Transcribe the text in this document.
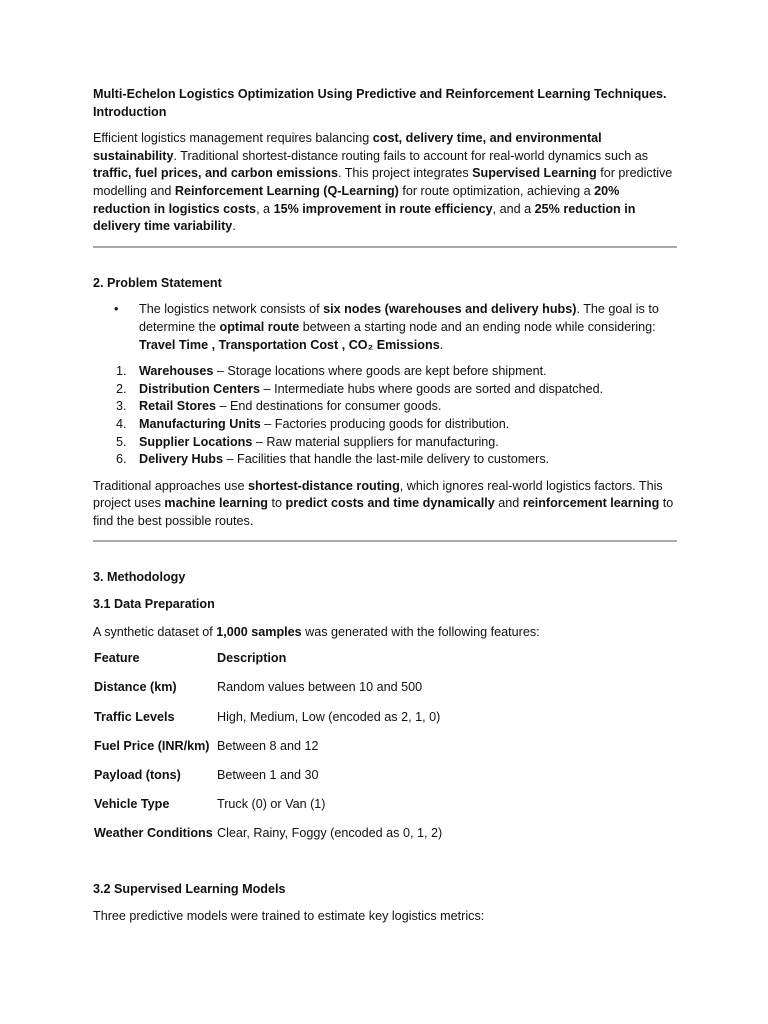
Multi-Echelon Logistics Optimization Using Predictive and Reinforcement Learning Techniques.

Introduction

Efficient logistics management requires balancing cost, delivery time, and environmental sustainability. Traditional shortest-distance routing fails to account for real-world dynamics such as traffic, fuel prices, and carbon emissions. This project integrates Supervised Learning for predictive modelling and Reinforcement Learning (Q-Learning) for route optimization, achieving a 20% reduction in logistics costs, a 15% improvement in route efficiency, and a 25% reduction in delivery time variability.

2. Problem Statement

• The logistics network consists of six nodes (warehouses and delivery hubs). The goal is to determine the optimal route between a starting node and an ending node while considering: Travel Time , Transportation Cost , CO₂ Emissions.
1. Warehouses – Storage locations where goods are kept before shipment.
2. Distribution Centers – Intermediate hubs where goods are sorted and dispatched.
3. Retail Stores – End destinations for consumer goods.
4. Manufacturing Units – Factories producing goods for distribution.
5. Supplier Locations – Raw material suppliers for manufacturing.
6. Delivery Hubs – Facilities that handle the last-mile delivery to customers.

Traditional approaches use shortest-distance routing, which ignores real-world logistics factors. This project uses machine learning to predict costs and time dynamically and reinforcement learning to find the best possible routes.

3. Methodology

3.1 Data Preparation

A synthetic dataset of 1,000 samples was generated with the following features:

Feature	Description
Distance (km)	Random values between 10 and 500
Traffic Levels	High, Medium, Low (encoded as 2, 1, 0)
Fuel Price (INR/km)	Between 8 and 12
Payload (tons)	Between 1 and 30
Vehicle Type	Truck (0) or Van (1)
Weather Conditions	Clear, Rainy, Foggy (encoded as 0, 1, 2)

3.2 Supervised Learning Models

Three predictive models were trained to estimate key logistics metrics:
